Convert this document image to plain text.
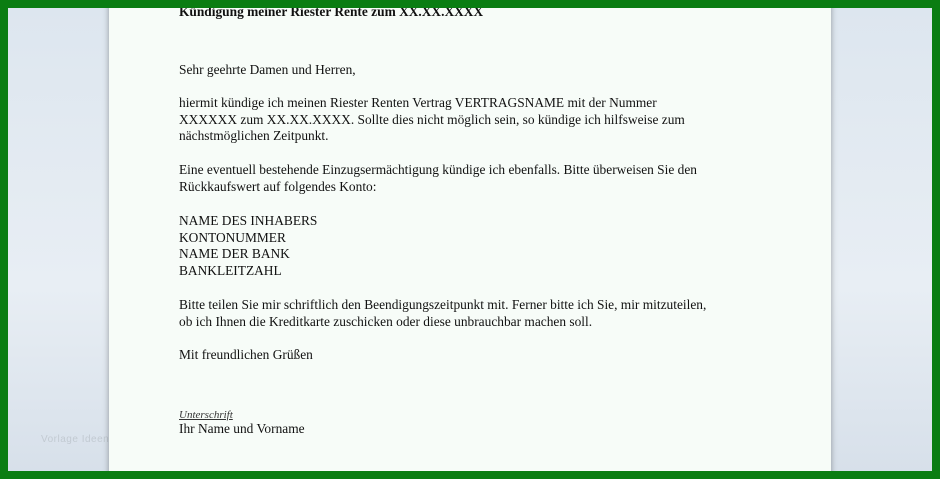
Vorlage Ideen

Kündigung meiner Riester Rente zum XX.XX.XXXX

Sehr geehrte Damen und Herren,

hiermit kündige ich meinen Riester Renten Vertrag VERTRAGSNAME mit der Nummer

XXXXXX zum XX.XX.XXXX. Sollte dies nicht möglich sein, so kündige ich hilfsweise zum

nächstmöglichen Zeitpunkt.

Eine eventuell bestehende Einzugsermächtigung kündige ich ebenfalls. Bitte überweisen Sie den

Rückkaufswert auf folgendes Konto:

NAME DES INHABERS

KONTONUMMER

NAME DER BANK

BANKLEITZAHL

Bitte teilen Sie mir schriftlich den Beendigungszeitpunkt mit. Ferner bitte ich Sie, mir mitzuteilen,

ob ich Ihnen die Kreditkarte zuschicken oder diese unbrauchbar machen soll.

Mit freundlichen Grüßen

Unterschrift

Ihr Name und Vorname
